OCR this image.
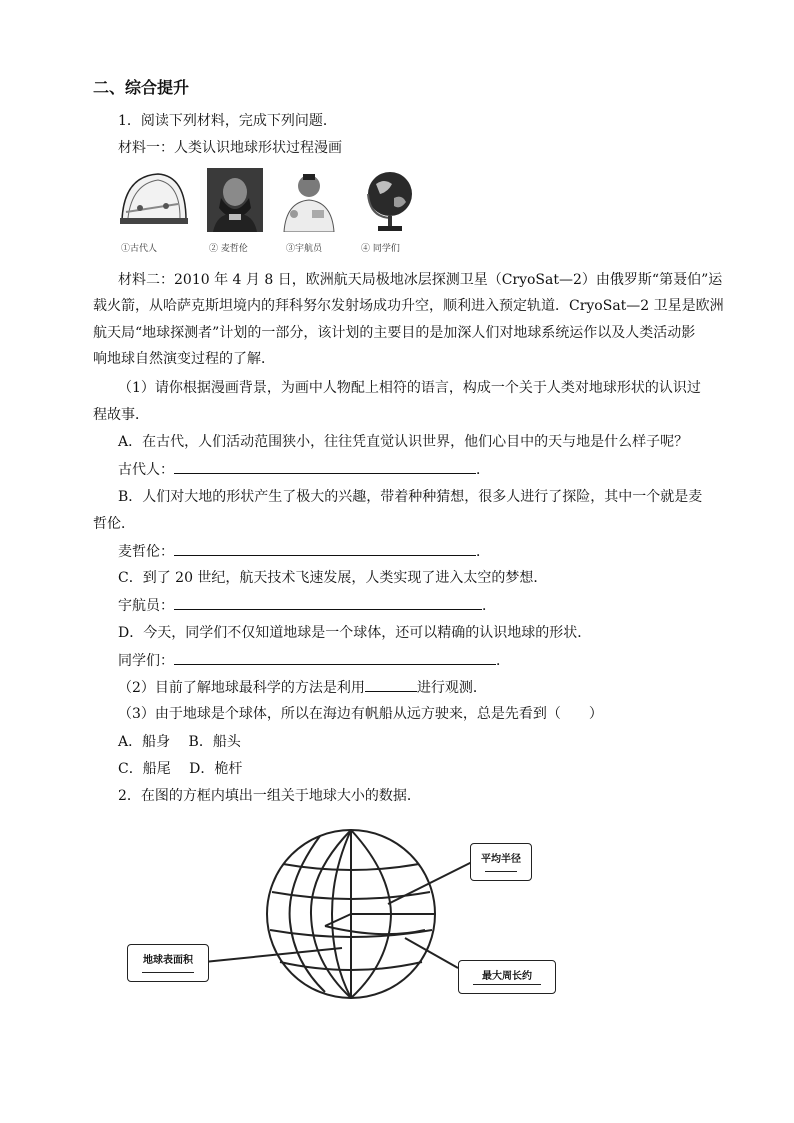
二、综合提升
1．阅读下列材料，完成下列问题．
材料一：人类认识地球形状过程漫画
①古代人	② 麦哲伦	③宇航员	④ 同学们
材料二：2010 年 4 月 8 日，欧洲航天局极地冰层探测卫星（CryoSat—2）由俄罗斯“第聂伯”运
载火箭，从哈萨克斯坦境内的拜科努尔发射场成功升空，顺利进入预定轨道．CryoSat—2 卫星是欧洲
航天局“地球探测者”计划的一部分，该计划的主要目的是加深人们对地球系统运作以及人类活动影
响地球自然演变过程的了解．
（1）请你根据漫画背景，为画中人物配上相符的语言，构成一个关于人类对地球形状的认识过
程故事．
A．在古代，人们活动范围狭小，往往凭直觉认识世界，他们心目中的天与地是什么样子呢？
古代人：	．
B．人们对大地的形状产生了极大的兴趣，带着种种猜想，很多人进行了探险，其中一个就是麦
哲伦．
麦哲伦：	．
C．到了 20 世纪，航天技术飞速发展，人类实现了进入太空的梦想．
宇航员：	．
D．今天，同学们不仅知道地球是一个球体，还可以精确的认识地球的形状．
同学们：	．
（2）目前了解地球最科学的方法是利用	进行观测．
（3）由于地球是个球体，所以在海边有帆船从远方驶来，总是先看到（　　）
A．船身　 B．船头
C．船尾　 D．桅杆
2．在图的方框内填出一组关于地球大小的数据．
平均半径
地球表面积
最大周长约
